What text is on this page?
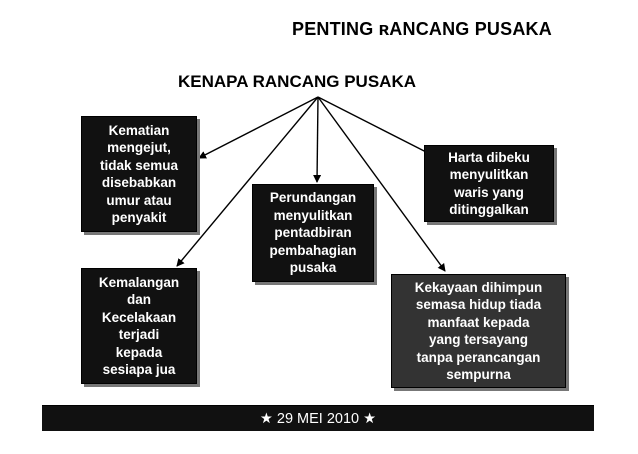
PENTING ʀANCANG PUSAKA
KENAPA RANCANG PUSAKA
Kematian
mengejut,
tidak semua
disebabkan
umur atau
penyakit
Perundangan
menyulitkan
pentadbiran
pembahagian
pusaka
Harta dibeku
menyulitkan
waris yang
ditinggalkan
Kemalangan
dan
Kecelakaan
terjadi
kepada
sesiapa jua
Kekayaan dihimpun
semasa hidup tiada
manfaat kepada
yang tersayang
tanpa perancangan
sempurna
★ 29 MEI 2010 ★
